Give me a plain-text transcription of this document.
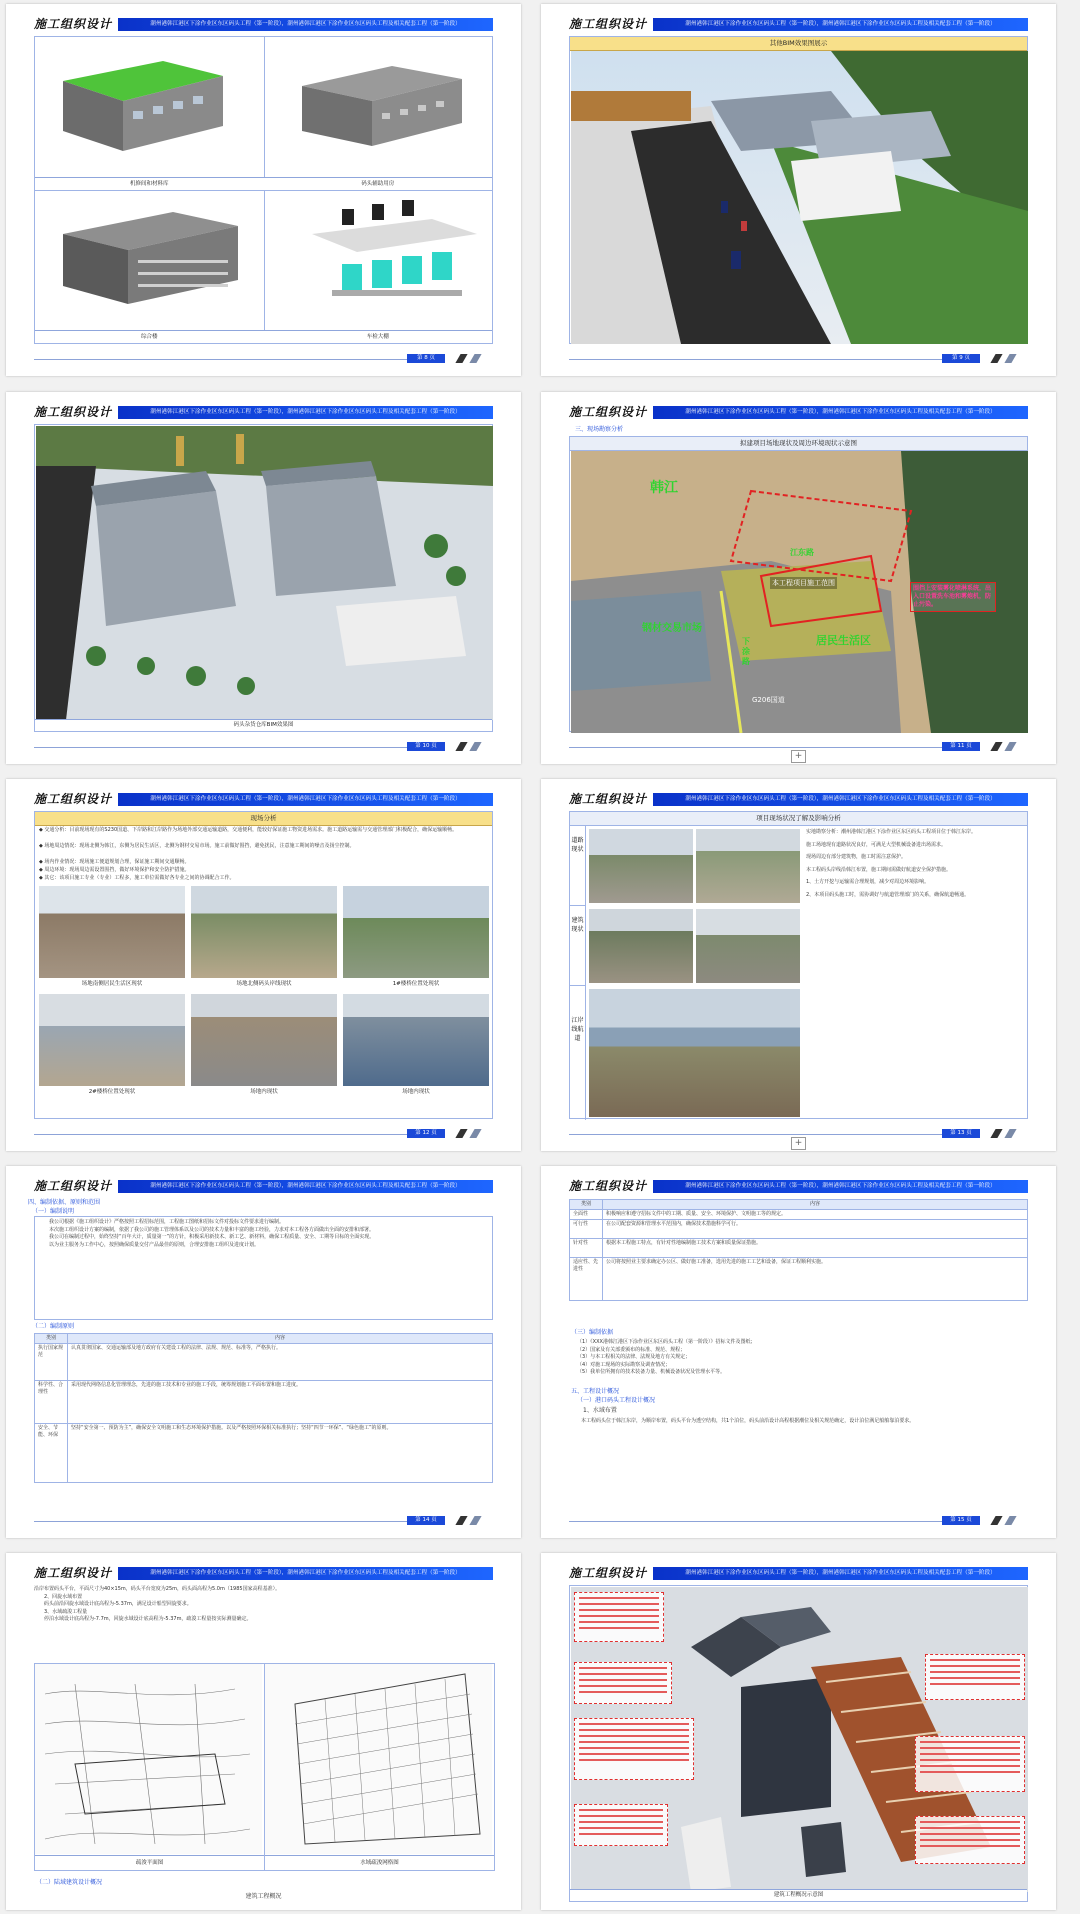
施工组织设计	潮州港韩江港区下涂作业区东区码头工程（第一阶段），潮州港韩江港区下涂作业区东区码头工程及相关配套工程（第一阶段）
机修间和材料库	码头辅助用房
综合楼	车检大棚
第 8 页
施工组织设计	潮州港韩江港区下涂作业区东区码头工程（第一阶段），潮州港韩江港区下涂作业区东区码头工程及相关配套工程（第一阶段）
其他BIM效果图展示
第 9 页
施工组织设计	潮州港韩江港区下涂作业区东区码头工程（第一阶段），潮州港韩江港区下涂作业区东区码头工程及相关配套工程（第一阶段）
码头杂货仓库BIM效果图
第 10 页
施工组织设计	潮州港韩江港区下涂作业区东区码头工程（第一阶段），潮州港韩江港区下涂作业区东区码头工程及相关配套工程（第一阶段）
三、现场勘察分析
拟建项目场地现状及周边环境现状示意图
韩江
江东路
本工程项目施工范围
钢材交易市场
居民生活区
下涂路
G206国道
围挡上安装雾化喷淋系统，出入口设置洗车池和雾炮机，防止污染。
+
第 11 页
施工组织设计	潮州港韩江港区下涂作业区东区码头工程（第一阶段），潮州港韩江港区下涂作业区东区码头工程及相关配套工程（第一阶段）
现场分析
◆ 交通分析：目前现场现有的S230国道、下岸路和江岸路作为场地外部交通运输道路，交通便利，能较好保证施工物资进场需求。施工道路运输需与交通管理部门积极配合，确保运输顺畅。
◆ 场地周边情况：现场北侧为韩江，东侧为居民生活区，北侧为钢材交易市场。施工前做好围挡，避免扰民，注意施工期间的噪音及扬尘控制。
◆ 场内作业情况：现场施工便道规划合理，保证施工期间交通顺畅。
◆ 周边环境：现场周边需设置围挡，做好环境保护和安全防护措施。
◆ 其它：该项目施工专业（专业）工程多，施工单位需做好各专业之间的协调配合工作。
场地南侧居民生活区现状	场地北侧码头岸线现状	1#楼桥位置处现状
2#楼桥位置处现状	场地内现状	场地内现状
第 12 页
施工组织设计	潮州港韩江港区下涂作业区东区码头工程（第一阶段），潮州港韩江港区下涂作业区东区码头工程及相关配套工程（第一阶段）
项目现场状况了解及影响分析
道路现状
建筑现状
江岸线航道
实地勘察分析：潮州港韩江港区下涂作业区东区码头工程项目位于韩江东岸。
施工场地现有道路状况良好，可满足大型机械设备进出场需求。
现场周边有部分建筑物，施工时需注意保护。
本工程码头岸线沿韩江布置，施工期间需做好航道安全保护措施。
1、土方开挖与运输需合理规划，减少对周边环境影响。
2、本项目码头施工时，需协调好与航道管理部门的关系，确保航道畅通。
+
第 13 页
施工组织设计	潮州港韩江港区下涂作业区东区码头工程（第一阶段），潮州港韩江港区下涂作业区东区码头工程及相关配套工程（第一阶段）
四、编制依据、原则和范围
（一）编制说明
我公司根据《施工组织设计》严格按照工程招标范围，工程施工图纸和招标文件对投标文件要求进行编制。
本次施工组织设计方案的编制，依据了我公司的施工管理体系以及公司的技术力量和丰富的施工经验，力求对本工程各方面做出全面的安排和部署。
我公司在编制过程中，始终坚持“百年大计，质量第一”的方针，积极采用新技术、新工艺、新材料，确保工程质量、安全、工期等目标的全面实现。
以为业主服务为工作中心，按照确保质量交付产品最佳的原则，合理安排施工组织及进度计划。
（二）编制原则
类别	内容
执行国家规范	认真贯彻国家、交通运输部及地方政府有关建设工程的法律、法规、规范、标准等，严格执行。
科学性、合理性	采用现代网络信息化管理理念，先进的施工技术和专业的施工手段，统筹规划施工平面布置和施工进度。
安全、节能、环保	坚持“安全第一、预防为主”，确保安全文明施工和生态环境保护措施。以及严格按照环保相关标准执行；坚持“四节一环保”、“绿色施工”的原则。
第 14 页
施工组织设计	潮州港韩江港区下涂作业区东区码头工程（第一阶段），潮州港韩江港区下涂作业区东区码头工程及相关配套工程（第一阶段）
类别	内容
全面性	积极响应和遵守招标文件中的工期、质量、安全、环境保护、文明施工等的规定。
可行性	在公司配套资源和管理水平范围内，确保技术措施科学可行。
针对性	根据本工程施工特点，有针对性地编制施工技术方案和质量保证措施。
适应性、先进性	公司将按照业主要求确定办公区、做好施工准备，选用先进的施工工艺和设备，保证工程顺利实施。
（三）编制依据
（1）《XXX港韩江港区下涂作业区东区码头工程（第一阶段）》招标文件及图纸；
（2）国家及有关部委颁布的标准、规范、规程；
（3）与本工程相关的法律、法规及地方有关规定；
（4）对施工现场的实际勘察及调查情况；
（5）我单位所拥有的技术装备力量、机械设备状况及管理水平等。
五、工程设计概况
（一）港口码头工程设计概况
1、水域布置
本工程码头位于韩江东岸，为顺岸布置，码头平台为透空结构，共1个泊位，码头前沿设计高程根据潮位及相关规范确定，设计泊位满足船舶靠泊要求。
第 15 页
施工组织设计	潮州港韩江港区下涂作业区东区码头工程（第一阶段），潮州港韩江港区下涂作业区东区码头工程及相关配套工程（第一阶段）
沿岸布置码头平台，平面尺寸为40×15m，码头平台宽度为25m，码头面高程为5.0m（1985国家高程基准）。
2、回旋水域布置
码头前沿回旋水域设计底高程为-5.37m，满足设计船型回旋要求。
3、水域疏浚工程量
停泊水域设计底高程为-7.7m，回旋水域设计底高程为-5.37m，疏浚工程量按实际测量确定。
疏浚平面图	水域疏浚网格图
（二）陆域建筑设计概况
建筑工程概况
施工组织设计	潮州港韩江港区下涂作业区东区码头工程（第一阶段），潮州港韩江港区下涂作业区东区码头工程及相关配套工程（第一阶段）
建筑工程概况示意图
